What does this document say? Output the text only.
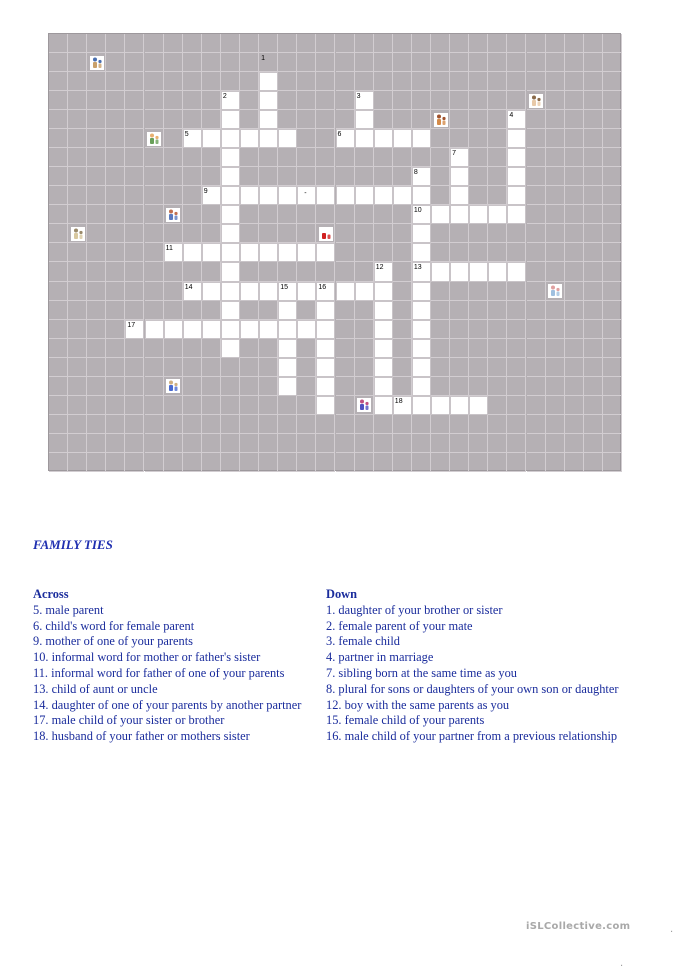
1
2	3
4
5	6
7
8
9
10
11
12	13
14	15	16
17
18
-
FAMILY TIES
Across
5. male parent
6. child's word for female parent
9. mother of one of your parents
10. informal word for mother or father's sister
11. informal word for father of one of your parents
13. child of aunt or uncle
14. daughter of one of your parents by another partner
17. male child of your sister or brother
18. husband of your father or mothers sister
Down
1. daughter of your brother or sister
2. female parent of your mate
3. female child
4. partner in marriage
7. sibling born at the same time as you
8. plural for sons or daughters of your own son or daughter
12. boy with the same parents as you
15. female child of your parents
16. male child of your partner from a previous relationship
iSLCollective.com	.
.
